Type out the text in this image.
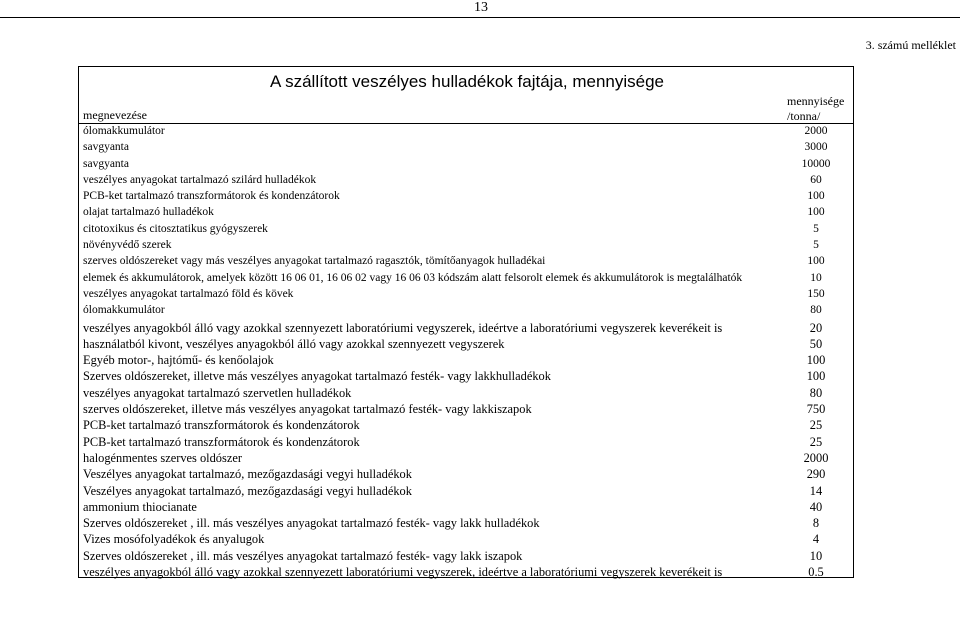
13
3. számú melléklet
A szállított veszélyes hulladékok fajtája, mennyisége
megnevezése
mennyisége
/tonna/
ólomakkumulátor	2000
savgyanta	3000
savgyanta	10000
veszélyes anyagokat tartalmazó szilárd hulladékok	60
PCB-ket tartalmazó transzformátorok és kondenzátorok	100
olajat tartalmazó hulladékok	100
citotoxikus és citosztatikus gyógyszerek	5
növényvédő szerek	5
szerves oldószereket vagy más veszélyes anyagokat tartalmazó ragasztók, tömítőanyagok hulladékai	100
elemek és akkumulátorok, amelyek között 16 06 01, 16 06 02 vagy 16 06 03 kódszám alatt felsorolt elemek és akkumulátorok is megtalálhatók	10
veszélyes anyagokat tartalmazó föld és kövek	150
ólomakkumulátor	80
veszélyes anyagokból álló vagy azokkal szennyezett laboratóriumi vegyszerek, ideértve a laboratóriumi vegyszerek keverékeit is	20
használatból kivont, veszélyes anyagokból álló vagy azokkal szennyezett vegyszerek	50
Egyéb motor-, hajtómű- és kenőolajok	100
Szerves oldószereket, illetve más veszélyes anyagokat tartalmazó festék- vagy lakkhulladékok	100
veszélyes anyagokat tartalmazó szervetlen hulladékok	80
szerves oldószereket, illetve más veszélyes anyagokat tartalmazó festék- vagy lakkiszapok	750
PCB-ket tartalmazó transzformátorok és kondenzátorok	25
PCB-ket tartalmazó transzformátorok és kondenzátorok	25
halogénmentes szerves oldószer	2000
Veszélyes anyagokat tartalmazó, mezőgazdasági vegyi hulladékok	290
Veszélyes anyagokat tartalmazó, mezőgazdasági vegyi hulladékok	14
ammonium thiocianate	40
Szerves oldószereket , ill. más veszélyes anyagokat tartalmazó festék- vagy lakk hulladékok	8
Vizes mosófolyadékok és anyalugok	4
Szerves oldószereket , ill. más veszélyes anyagokat tartalmazó festék- vagy lakk iszapok	10
veszélyes anyagokból álló vagy azokkal szennyezett laboratóriumi vegyszerek, ideértve a laboratóriumi vegyszerek keverékeit is	0.5
